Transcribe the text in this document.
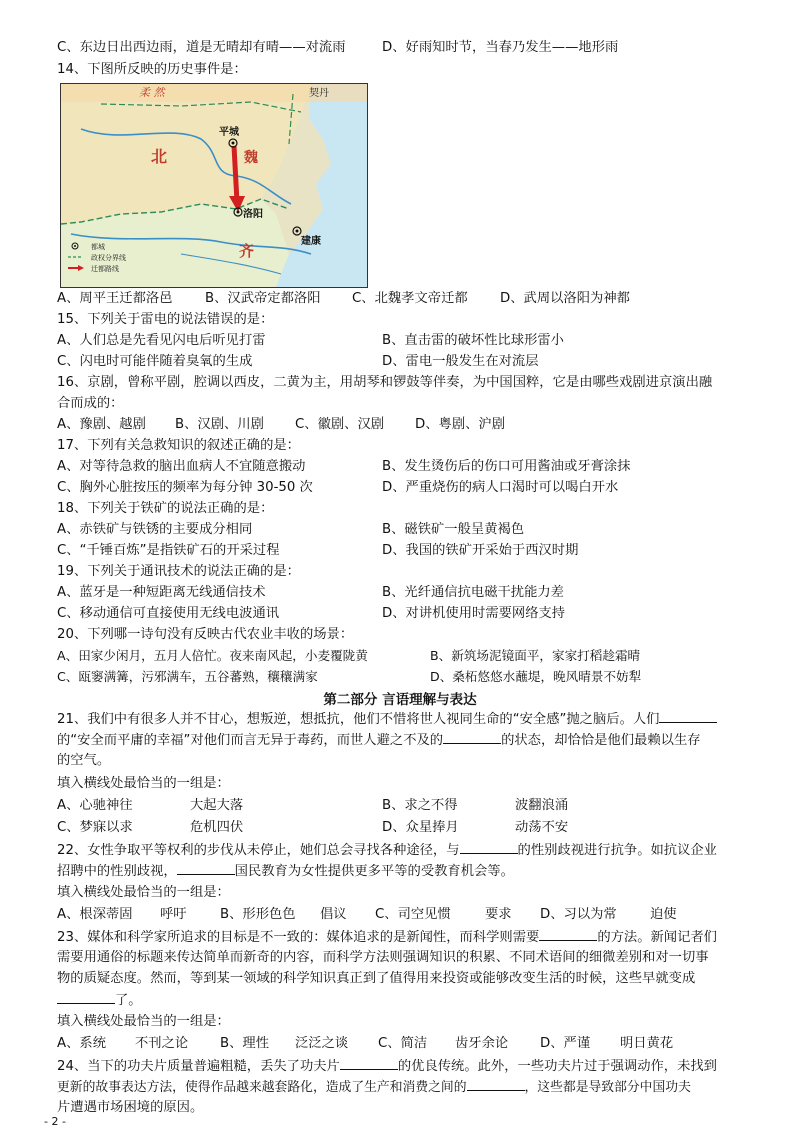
C、东边日出西边雨，道是无晴却有晴——对流雨	D、好雨知时节，当春乃发生——地形雨
14、下图所反映的历史事件是：
柔 然	契丹
北	魏
平城
洛阳
齐
建康
都城
政权分界线
迁都路线
A、周平王迁都洛邑 B、汉武帝定都洛阳 C、北魏孝文帝迁都 D、武周以洛阳为神都
15、下列关于雷电的说法错误的是：
A、人们总是先看见闪电后听见打雷	B、直击雷的破坏性比球形雷小
C、闪电时可能伴随着臭氧的生成	D、雷电一般发生在对流层
16、京剧，曾称平剧，腔调以西皮，二黄为主，用胡琴和锣鼓等伴奏，为中国国粹，它是由哪些戏剧进京演出融
合而成的：
A、豫剧、越剧 B、汉剧、川剧 C、徽剧、汉剧 D、粤剧、沪剧
17、下列有关急救知识的叙述正确的是：
A、对等待急救的脑出血病人不宜随意搬动	B、发生烫伤后的伤口可用酱油或牙膏涂抹
C、胸外心脏按压的频率为每分钟 30-50 次	D、严重烧伤的病人口渴时可以喝白开水
18、下列关于铁矿的说法正确的是：
A、赤铁矿与铁锈的主要成分相同	B、磁铁矿一般呈黄褐色
C、“千锤百炼”是指铁矿石的开采过程	D、我国的铁矿开采始于西汉时期
19、下列关于通讯技术的说法正确的是：
A、蓝牙是一种短距离无线通信技术	B、光纤通信抗电磁干扰能力差
C、移动通信可直接使用无线电波通讯	D、对讲机使用时需要网络支持
20、下列哪一诗句没有反映古代农业丰收的场景：
A、田家少闲月，五月人倍忙。夜来南风起，小麦覆陇黄	B、新筑场泥镜面平，家家打稻趁霜晴
C、瓯窭满篝，污邪满车，五谷蕃熟，穰穰满家	D、桑柘悠悠水蘸堤，晚风晴景不妨犁
第二部分 言语理解与表达
21、我们中有很多人并不甘心，想叛逆，想抵抗，他们不惜将世人视同生命的“安全感”抛之脑后。人们
的“安全而平庸的幸福”对他们而言无异于毒药，而世人避之不及的	的状态，却恰恰是他们最赖以生存
的空气。
填入横线处最恰当的一组是：
A、心驰神往	大起大落	B、求之不得	波翻浪涌
C、梦寐以求	危机四伏	D、众星捧月	动荡不安
22、女性争取平等权利的步伐从未停止，她们总会寻找各种途径，与	的性别歧视进行抗争。如抗议企业
招聘中的性别歧视，	国民教育为女性提供更多平等的受教育机会等。
填入横线处最恰当的一组是：
A、根深蒂固 呼吁	B、形形色色 倡议 C、司空见惯	要求 D、习以为常	迫使
23、媒体和科学家所追求的目标是不一致的：媒体追求的是新闻性，而科学则需要	的方法。新闻记者们
需要用通俗的标题来传达简单而新奇的内容，而科学方法则强调知识的积累、不同术语间的细微差别和对一切事
物的质疑态度。然而，等到某一领域的科学知识真正到了值得用来投资或能够改变生活的时候，这些早就变成
了。
填入横线处最恰当的一组是：
A、系统 不刊之论 B、理性 泛泛之谈 C、简洁 齿牙余论 D、严谨 明日黄花
24、当下的功夫片质量普遍粗糙，丢失了功夫片	的优良传统。此外，一些功夫片过于强调动作，未找到
更新的故事表达方法，使得作品越来越套路化，造成了生产和消费之间的	，这些都是导致部分中国功夫
片遭遇市场困境的原因。
- 2 -
